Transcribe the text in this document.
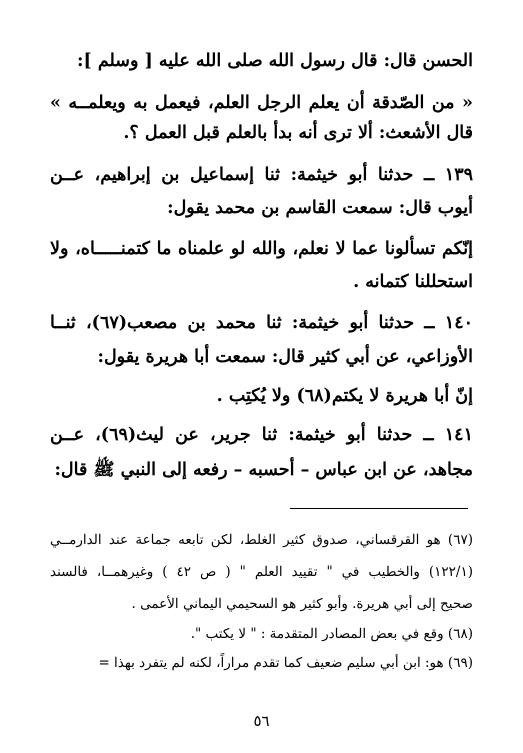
الحسن قال: قال رسول الله صلى الله عليه [ وسلم ]:
« من الصّدقة أن يعلم الرجل العلم، فيعمل به ويعلمــه »
قال الأشعث: ألا ترى أنه بدأ بالعلم قبل العمل ؟.
١٣٩ ــ حدثنا أبو خيثمة: ثنا إسماعيل بن إبراهيم، عــن
أيوب قال: سمعت القاسم بن محمد يقول:
إنّكم تسألونا عما لا نعلم، والله لو علمناه ما كتمنـــــاه، ولا
استحللنا كتمانه .
١٤٠ ــ حدثنا أبو خيثمة: ثنا محمد بن مصعب(٦٧)، ثنــا
الأوزاعي، عن أبي كثير قال: سمعت أبا هريرة يقول:
إنّ أبا هريرة لا يكتم(٦٨) ولا يُكتِب .
١٤١ ــ حدثنا أبو خيثمة: ثنا جرير، عن ليث(٦٩)، عــن
مجاهد، عن ابن عباس – أحسبه – رفعه إلى النبي ﷺ قال:
(٦٧) هو القرقساني، صدوق كثير الغلط، لكن تابعه جماعة عند الدارمــي
(١٢٢/١) والخطيب في " تقييد العلم " ( ص ٤٢ ) وغيرهمــا، فالسند
صحيح إلى أبي هريرة. وأبو كثير هو السحيمي اليماني الأعمى .
(٦٨) وقع في بعض المصادر المتقدمة : " لا يكتب ".
(٦٩) هو: ابن أبي سليم ضعيف كما تقدم مراراً، لكنه لم يتفرد بهذا =
٥٦
